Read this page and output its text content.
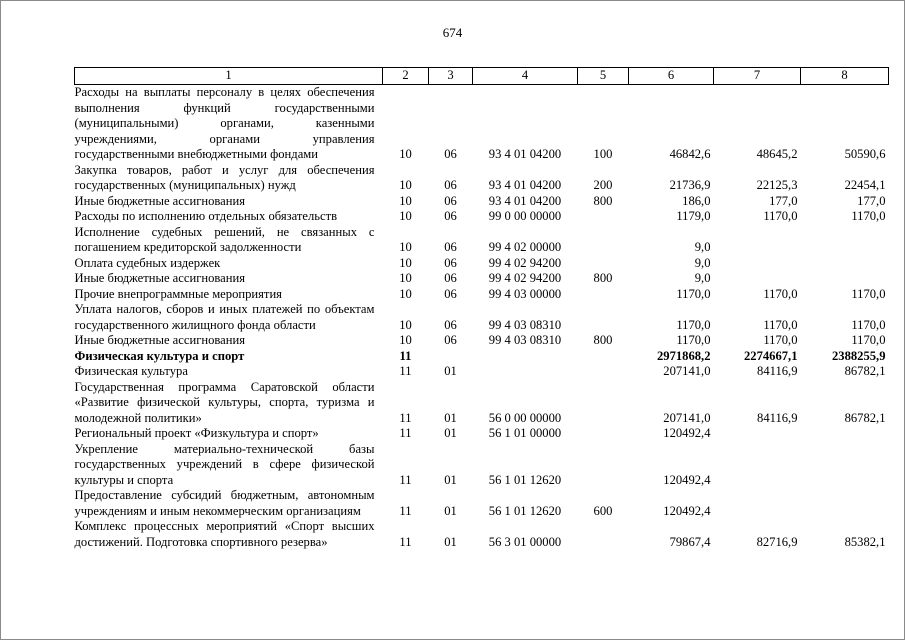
674
1	2	3	4	5	6	7	8
Расходы на выплаты персоналу в целях обеспечения выполнения функций государственными (муниципальными) органами, казенными учреждениями, органами управления государственными внебюджетными фондами	10	06	93 4 01 04200	100	46842,6	48645,2	50590,6
Закупка товаров, работ и услуг для обеспечения государственных (муниципальных) нужд	10	06	93 4 01 04200	200	21736,9	22125,3	22454,1
Иные бюджетные ассигнования	10	06	93 4 01 04200	800	186,0	177,0	177,0
Расходы по исполнению отдельных обязательств	10	06	99 0 00 00000		1179,0	1170,0	1170,0
Исполнение судебных решений, не связанных с погашением кредиторской задолженности	10	06	99 4 02 00000		9,0		
Оплата судебных издержек	10	06	99 4 02 94200		9,0		
Иные бюджетные ассигнования	10	06	99 4 02 94200	800	9,0		
Прочие внепрограммные мероприятия	10	06	99 4 03 00000		1170,0	1170,0	1170,0
Уплата налогов, сборов и иных платежей по объектам государственного жилищного фонда области	10	06	99 4 03 08310		1170,0	1170,0	1170,0
Иные бюджетные ассигнования	10	06	99 4 03 08310	800	1170,0	1170,0	1170,0
Физическая культура и спорт	11				2971868,2	2274667,1	2388255,9
Физическая культура	11	01			207141,0	84116,9	86782,1
Государственная программа Саратовской области «Развитие физической культуры, спорта, туризма и молодежной политики»	11	01	56 0 00 00000		207141,0	84116,9	86782,1
Региональный проект «Физкультура и спорт»	11	01	56 1 01 00000		120492,4		
Укрепление материально-технической базы государственных учреждений в сфере физической культуры и спорта	11	01	56 1 01 12620		120492,4		
Предоставление субсидий бюджетным, автономным учреждениям и иным некоммерческим организациям	11	01	56 1 01 12620	600	120492,4		
Комплекс процессных мероприятий «Спорт высших достижений. Подготовка спортивного резерва»	11	01	56 3 01 00000		79867,4	82716,9	85382,1
